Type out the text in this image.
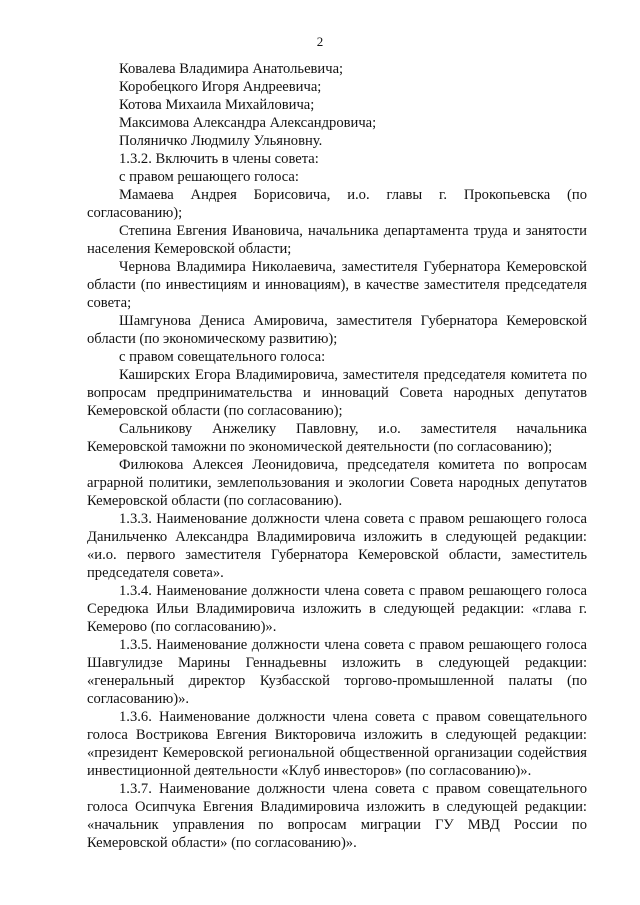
2
Ковалева Владимира Анатольевича;
Коробецкого Игоря Андреевича;
Котова Михаила Михайловича;
Максимова Александра Александровича;
Поляничко Людмилу Ульяновну.
1.3.2. Включить в члены совета:
с правом решающего голоса:

Мамаева Андрея Борисовича, и.о. главы г. Прокопьевска (по согласованию);

Степина Евгения Ивановича, начальника департамента труда и занятости населения Кемеровской области;

Чернова Владимира Николаевича, заместителя Губернатора Кемеровской области (по инвестициям и инновациям), в качестве заместителя председателя совета;

Шамгунова Дениса Амировича, заместителя Губернатора Кемеровской области (по экономическому развитию);

с правом совещательного голоса:

Каширских Егора Владимировича, заместителя председателя комитета по вопросам предпринимательства и инноваций Совета народных депутатов Кемеровской области (по согласованию);

Сальникову Анжелику Павловну, и.о. заместителя начальника Кемеровской таможни по экономической деятельности (по согласованию);

Филюкова Алексея Леонидовича, председателя комитета по вопросам аграрной политики, землепользования и экологии Совета народных депутатов Кемеровской области (по согласованию).

1.3.3. Наименование должности члена совета с правом решающего голоса Данильченко Александра Владимировича изложить в следующей редакции: «и.о. первого заместителя Губернатора Кемеровской области, заместитель председателя совета».

1.3.4. Наименование должности члена совета с правом решающего голоса Середюка Ильи Владимировича изложить в следующей редакции: «глава г. Кемерово (по согласованию)».

1.3.5. Наименование должности члена совета с правом решающего голоса Шавгулидзе Марины Геннадьевны изложить в следующей редакции: «генеральный директор Кузбасской торгово-промышленной палаты (по согласованию)».

1.3.6. Наименование должности члена совета с правом совещательного голоса Вострикова Евгения Викторовича изложить в следующей редакции: «президент Кемеровской региональной общественной организации содействия инвестиционной деятельности «Клуб инвесторов» (по согласованию)».

1.3.7. Наименование должности члена совета с правом совещательного голоса Осипчука Евгения Владимировича изложить в следующей редакции: «начальник управления по вопросам миграции ГУ МВД России по Кемеровской области» (по согласованию)».
